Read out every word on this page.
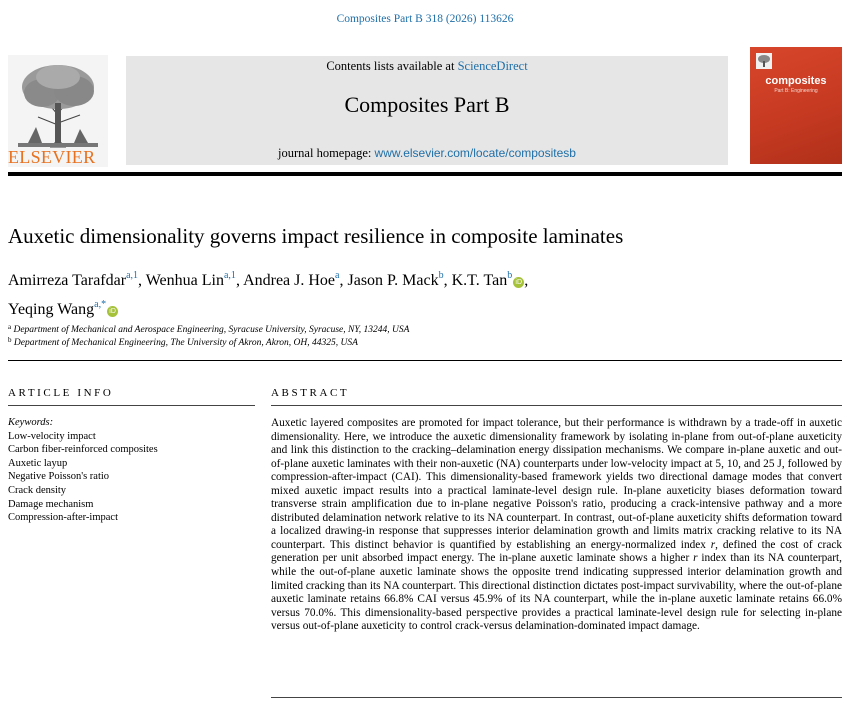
Composites Part B 318 (2026) 113626
ELSEVIER
Contents lists available at ScienceDirect
Composites Part B
journal homepage: www.elsevier.com/locate/compositesb
composites
Part B: Engineering
Auxetic dimensionality governs impact resilience in composite laminates
Amirreza Tarafdar$^{a,1}$, Wenhua Lin$^{a,1}$, Andrea J. Hoe$^a$, Jason P. Mack$^b$, K.T. Tan$^b$iD ,
Yeqing Wang$^{a,*}$iD
$^a$ Department of Mechanical and Aerospace Engineering, Syracuse University, Syracuse, NY, 13244, USA
$^b$ Department of Mechanical Engineering, The University of Akron, Akron, OH, 44325, USA
ARTICLE INFO	ABSTRACT
Keywords:
Low-velocity impact
Carbon fiber-reinforced composites
Auxetic layup
Negative Poisson's ratio
Crack density
Damage mechanism
Compression-after-impact
Auxetic layered composites are promoted for impact tolerance, but their performance is withdrawn by a trade-off in auxetic dimensionality. Here, we introduce the auxetic dimensionality framework by isolating in-plane from out-of-plane auxeticity and link this distinction to the cracking–delamination energy dissipation mechanisms. We compare in-plane auxetic and out-of-plane auxetic laminates with their non-auxetic (NA) counterparts under low-velocity impact at 5, 10, and 25 J, followed by compression-after-impact (CAI). This dimensionality-based framework yields two directional damage modes that convert mixed auxetic impact results into a practical laminate-level design rule. In-plane auxeticity biases deformation toward transverse strain amplification due to in-plane negative Poisson's ratio, producing a crack-intensive pathway and a more distributed delamination network relative to its NA counterpart. In contrast, out-of-plane auxeticity shifts deformation toward a localized drawing-in response that suppresses interior delamination growth and limits matrix cracking relative to its NA counterpart. This distinct behavior is quantified by establishing an energy-normalized index r, defined the cost of crack generation per unit absorbed impact energy. The in-plane auxetic laminate shows a higher r index than its NA counterpart, while the out-of-plane auxetic laminate shows the opposite trend indicating suppressed interior delamination growth and limited cracking than its NA counterpart. This directional distinction dictates post-impact survivability, where the out-of-plane auxetic laminate retains 66.8% CAI versus 45.9% of its NA counterpart, while the in-plane auxetic laminate retains 66.0% versus 70.0%. This dimensionality-based perspective provides a practical laminate-level design rule for selecting in-plane versus out-of-plane auxeticity to control crack-versus delamination-dominated impact damage.
